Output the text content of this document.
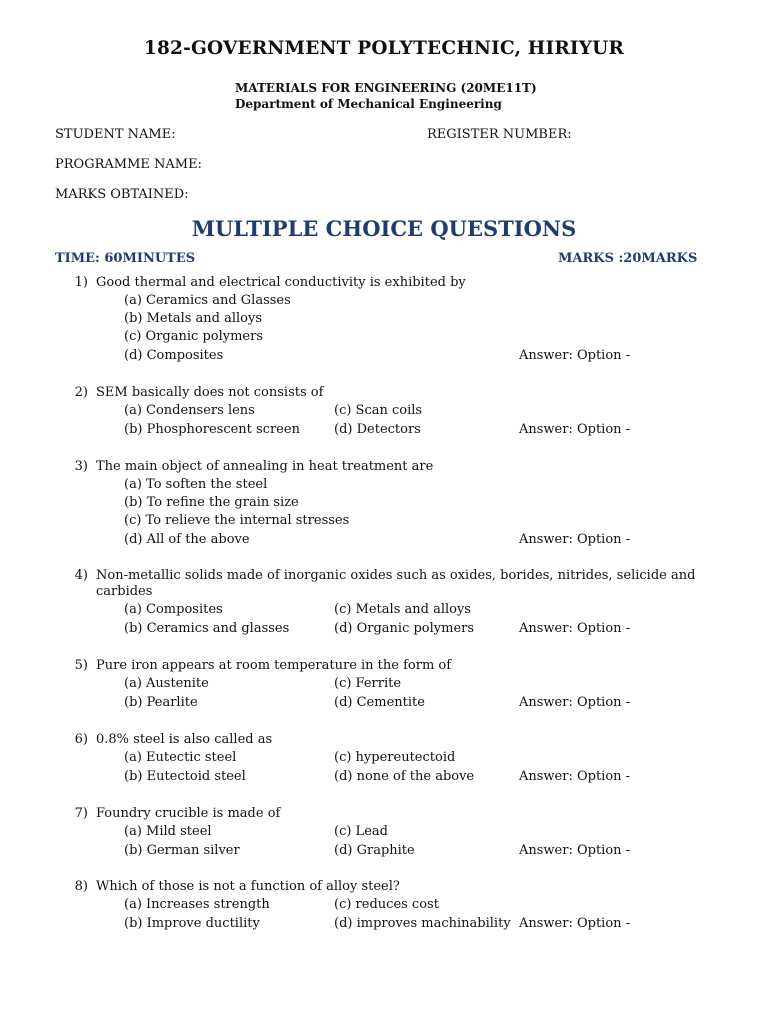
182-GOVERNMENT POLYTECHNIC, HIRIYUR
MATERIALS FOR ENGINEERING (20ME11T)
Department of Mechanical Engineering
STUDENT NAME:	REGISTER NUMBER:
PROGRAMME NAME:
MARKS OBTAINED:
MULTIPLE CHOICE QUESTIONS
TIME: 60MINUTES	MARKS :20MARKS
1) Good thermal and electrical conductivity is exhibited by
(a) Ceramics and Glasses
(b) Metals and alloys
(c) Organic polymers
(d) Composites	Answer: Option -
2) SEM basically does not consists of
(a) Condensers lens	(c) Scan coils
(b) Phosphorescent screen	(d) Detectors	Answer: Option -
3) The main object of annealing in heat treatment are
(a) To soften the steel
(b) To refine the grain size
(c) To relieve the internal stresses
(d) All of the above	Answer: Option -
4) Non-metallic solids made of inorganic oxides such as oxides, borides, nitrides, selicide and carbides
(a) Composites	(c) Metals and alloys
(b) Ceramics and glasses	(d) Organic polymers	Answer: Option -
5) Pure iron appears at room temperature in the form of
(a) Austenite	(c) Ferrite
(b) Pearlite	(d) Cementite	Answer: Option -
6) 0.8% steel is also called as
(a) Eutectic steel	(c) hypereutectoid
(b) Eutectoid steel	(d) none of the above	Answer: Option -
7) Foundry crucible is made of
(a) Mild steel	(c) Lead
(b) German silver	(d) Graphite	Answer: Option -
8) Which of those is not a function of alloy steel?
(a) Increases strength	(c) reduces cost
(b) Improve ductility	(d) improves machinability Answer: Option -
